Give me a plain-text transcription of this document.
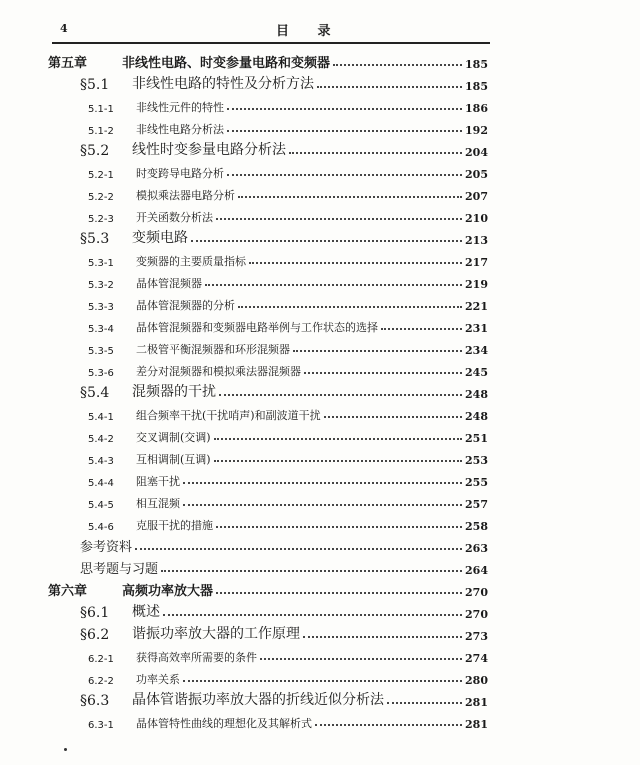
4	目 录
第五章	非线性电路、时变参量电路和变频器	185
§5.1	非线性电路的特性及分析方法	185
5.1-1	非线性元件的特性	186
5.1-2	非线性电路分析法	192
§5.2	线性时变参量电路分析法	204
5.2-1	时变跨导电路分析	205
5.2-2	模拟乘法器电路分析	207
5.2-3	开关函数分析法	210
§5.3	变频电路	213
5.3-1	变频器的主要质量指标	217
5.3-2	晶体管混频器	219
5.3-3	晶体管混频器的分析	221
5.3-4	晶体管混频器和变频器电路举例与工作状态的选择	231
5.3-5	二极管平衡混频器和环形混频器	234
5.3-6	差分对混频器和模拟乘法器混频器	245
§5.4	混频器的干扰	248
5.4-1	组合频率干扰(干扰哨声)和副波道干扰	248
5.4-2	交叉调制(交调)	251
5.4-3	互相调制(互调)	253
5.4-4	阻塞干扰	255
5.4-5	相互混频	257
5.4-6	克服干扰的措施	258
参考资料	263
思考题与习题	264
第六章	高频功率放大器	270
§6.1	概述	270
§6.2	谐振功率放大器的工作原理	273
6.2-1	获得高效率所需要的条件	274
6.2-2	功率关系	280
§6.3	晶体管谐振功率放大器的折线近似分析法	281
6.3-1	晶体管特性曲线的理想化及其解析式	281
